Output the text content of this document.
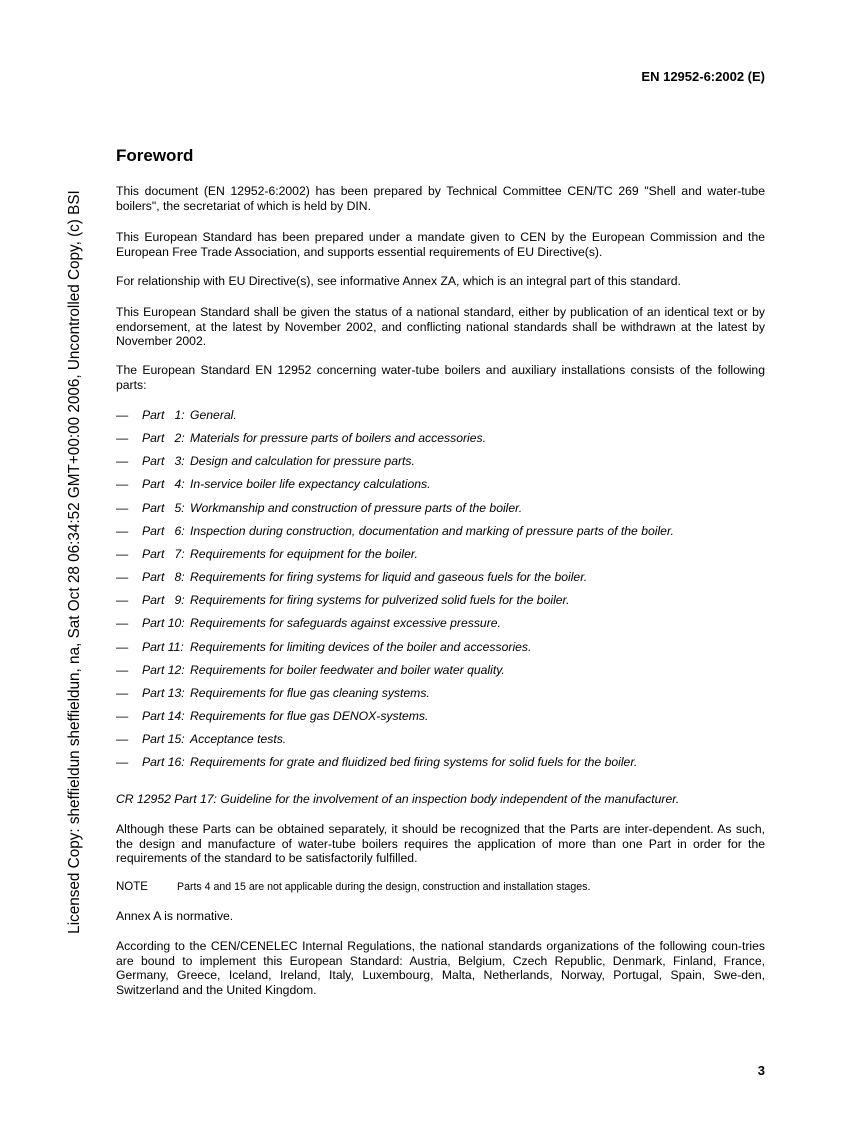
EN 12952-6:2002 (E)
Licensed Copy: sheffieldun sheffieldun, na, Sat Oct 28 06:34:52 GMT+00:00 2006, Uncontrolled Copy, (c) BSI
Foreword
This document (EN 12952-6:2002) has been prepared by Technical Committee CEN/TC 269 "Shell and water-tube boilers", the secretariat of which is held by DIN.
This European Standard has been prepared under a mandate given to CEN by the European Commission and the European Free Trade Association, and supports essential requirements of EU Directive(s).
For relationship with EU Directive(s), see informative Annex ZA, which is an integral part of this standard.
This European Standard shall be given the status of a national standard, either by publication of an identical text or by endorsement, at the latest by November 2002, and conflicting national standards shall be withdrawn at the latest by November 2002.
The European Standard EN 12952 concerning water-tube boilers and auxiliary installations consists of the following parts:
— Part  1: General.
— Part  2: Materials for pressure parts of boilers and accessories.
— Part  3: Design and calculation for pressure parts.
— Part  4: In-service boiler life expectancy calculations.
— Part  5: Workmanship and construction of pressure parts of the boiler.
— Part  6: Inspection during construction, documentation and marking of pressure parts of the boiler.
— Part  7: Requirements for equipment for the boiler.
— Part  8: Requirements for firing systems for liquid and gaseous fuels for the boiler.
— Part  9: Requirements for firing systems for pulverized solid fuels for the boiler.
— Part 10: Requirements for safeguards against excessive pressure.
— Part 11: Requirements for limiting devices of the boiler and accessories.
— Part 12: Requirements for boiler feedwater and boiler water quality.
— Part 13: Requirements for flue gas cleaning systems.
— Part 14: Requirements for flue gas DENOX-systems.
— Part 15: Acceptance tests.
— Part 16: Requirements for grate and fluidized bed firing systems for solid fuels for the boiler.
CR 12952 Part 17: Guideline for the involvement of an inspection body independent of the manufacturer.
Although these Parts can be obtained separately, it should be recognized that the Parts are inter-dependent. As such, the design and manufacture of water-tube boilers requires the application of more than one Part in order for the requirements of the standard to be satisfactorily fulfilled.
NOTE	Parts 4 and 15 are not applicable during the design, construction and installation stages.
Annex A is normative.
According to the CEN/CENELEC Internal Regulations, the national standards organizations of the following coun-tries are bound to implement this European Standard: Austria, Belgium, Czech Republic, Denmark, Finland, France, Germany, Greece, Iceland, Ireland, Italy, Luxembourg, Malta, Netherlands, Norway, Portugal, Spain, Swe-den, Switzerland and the United Kingdom.
3
